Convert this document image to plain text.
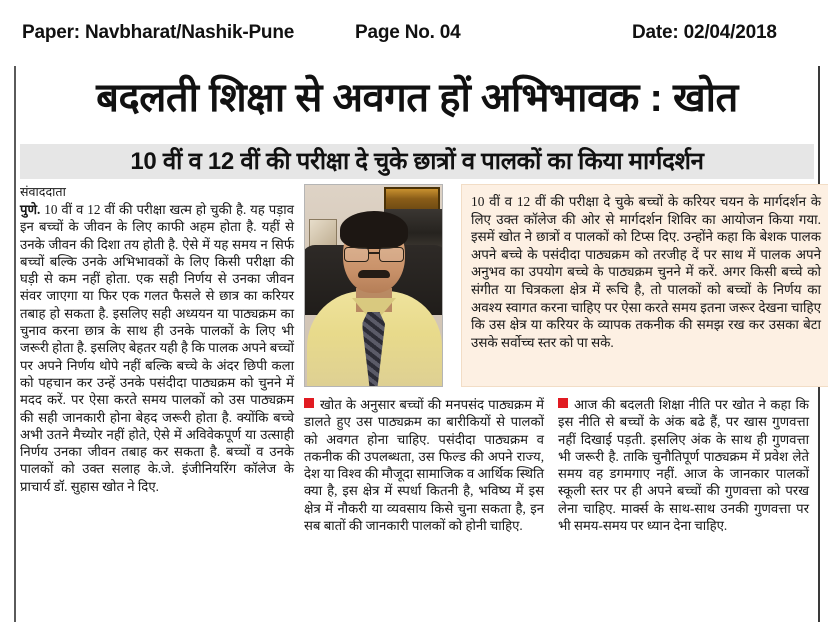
Paper: Navbharat/Nashik-Pune	Page No. 04	Date: 02/04/2018
बदलती शिक्षा से अवगत हों अभिभावक : खोत
10 वीं व 12 वीं की परीक्षा दे चुके छात्रों व पालकों का किया मार्गदर्शन

संवाददाता

पुणे. 10 वीं व 12 वीं की परीक्षा खत्म हो चुकी है. यह पड़ाव इन बच्चों के जीवन के लिए काफी अहम होता है. यहीं से उनके जीवन की दिशा तय होती है. ऐसे में यह समय न सिर्फ बच्चों बल्कि उनके अभिभावकों के लिए किसी परीक्षा की घड़ी से कम नहीं होता. एक सही निर्णय से उनका जीवन संवर जाएगा या फिर एक गलत फैसले से छात्र का करियर तबाह हो सकता है. इसलिए सही अध्ययन या पाठ्यक्रम का चुनाव करना छात्र के साथ ही उनके पालकों के लिए भी जरूरी होता है. इसलिए बेहतर यही है कि पालक अपने बच्चों पर अपने निर्णय थोपे नहीं बल्कि बच्चे के अंदर छिपी कला को पहचान कर उन्हें उनके पसंदीदा पाठ्यक्रम को चुनने में मदद करें. पर ऐसा करते समय पालकों को उस पाठ्यक्रम की सही जानकारी होना बेहद जरूरी होता है. क्योंकि बच्चे अभी उतने मैच्योर नहीं होते, ऐसे में अविवेकपूर्ण या उत्साही निर्णय उनका जीवन तबाह कर सकता है. बच्चों व उनके पालकों को उक्त सलाह के.जे. इंजीनियरिंग कॉलेज के प्राचार्य डॉ. सुहास खोत ने दिए.

खोत के अनुसार बच्चों की मनपसंद पाठ्यक्रम में डालते हुए उस पाठ्यक्रम का बारीकियों से पालकों को अवगत होना चाहिए. पसंदीदा पाठ्यक्रम व तकनीक की उपलब्धता, उस फिल्ड की अपने राज्य, देश या विश्व की मौजूदा सामाजिक व आर्थिक स्थिति क्या है, इस क्षेत्र में स्पर्धा कितनी है, भविष्य में इस क्षेत्र में नौकरी या व्यवसाय किसे चुना सकता है, इन सब बातों की जानकारी पालकों को होनी चाहिए.

आज की बदलती शिक्षा नीति पर खोत ने कहा कि इस नीति से बच्चों के अंक बढे हैं, पर खास गुणवत्ता नहीं दिखाई पड़ती. इसलिए अंक के साथ ही गुणवत्ता भी जरूरी है. ताकि चुनौतिपूर्ण पाठ्यक्रम में प्रवेश लेते समय वह डगमगाए नहीं. आज के जानकार पालकों स्कूली स्तर पर ही अपने बच्चों की गुणवत्ता को परख लेना चाहिए. मार्क्स के साथ-साथ उनकी गुणवत्ता पर भी समय-समय पर ध्यान देना चाहिए.

10 वीं व 12 वीं की परीक्षा दे चुके बच्चों के करियर चयन के मार्गदर्शन के लिए उक्त कॉलेज की ओर से मार्गदर्शन शिविर का आयोजन किया गया. इसमें खोत ने छात्रों व पालकों को टिप्स दिए. उन्होंने कहा कि बेशक पालक अपने बच्चे के पसंदीदा पाठ्यक्रम को तरजीह दें पर साथ में पालक अपने अनुभव का उपयोग बच्चे के पाठ्यक्रम चुनने में करें. अगर किसी बच्चे को संगीत या चित्रकला क्षेत्र में रूचि है, तो पालकों को बच्चों के निर्णय का अवश्य स्वागत करना चाहिए पर ऐसा करते समय इतना जरूर देखना चाहिए कि उस क्षेत्र या करियर के व्यापक तकनीक की समझ रख कर उसका बेटा उसके सर्वोच्च स्तर को पा सके.
